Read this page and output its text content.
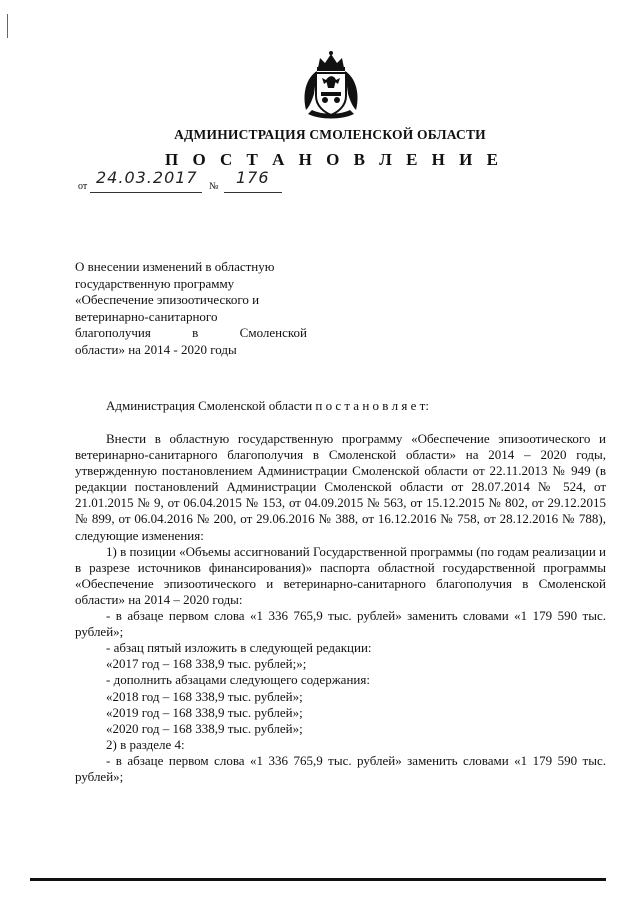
АДМИНИСТРАЦИЯ СМОЛЕНСКОЙ ОБЛАСТИ
П О С Т А Н О В Л Е Н И Е
от 24.03.2017 № 176
О внесении изменений в областную
государственную программу
«Обеспечение эпизоотического и
ветеринарно-санитарного
благополучия в Смоленской
области» на 2014 - 2020 годы
Администрация Смоленской области п о с т а н о в л я е т:

Внести в областную государственную программу «Обеспечение эпизоотического и ветеринарно-санитарного благополучия в Смоленской области» на 2014 – 2020 годы, утвержденную постановлением Администрации Смоленской области от 22.11.2013 № 949 (в редакции постановлений Администрации Смоленской области от 28.07.2014 № 524, от 21.01.2015 № 9, от 06.04.2015 № 153, от 04.09.2015 № 563, от 15.12.2015 № 802, от 29.12.2015 № 899, от 06.04.2016 № 200, от 29.06.2016 № 388, от 16.12.2016 № 758, от 28.12.2016 № 788), следующие изменения:

1) в позиции «Объемы ассигнований Государственной программы (по годам реализации и в разрезе источников финансирования)» паспорта областной государственной программы «Обеспечение эпизоотического и ветеринарно-санитарного благополучия в Смоленской области» на 2014 – 2020 годы:

- в абзаце первом слова «1 336 765,9 тыс. рублей» заменить словами «1 179 590 тыс. рублей»;

- абзац пятый изложить в следующей редакции:

«2017 год – 168 338,9 тыс. рублей;»;

- дополнить абзацами следующего содержания:

«2018 год – 168 338,9 тыс. рублей»;

«2019 год – 168 338,9 тыс. рублей»;

«2020 год – 168 338,9 тыс. рублей»;

2) в разделе 4:

- в абзаце первом слова «1 336 765,9 тыс. рублей» заменить словами «1 179 590 тыс. рублей»;
